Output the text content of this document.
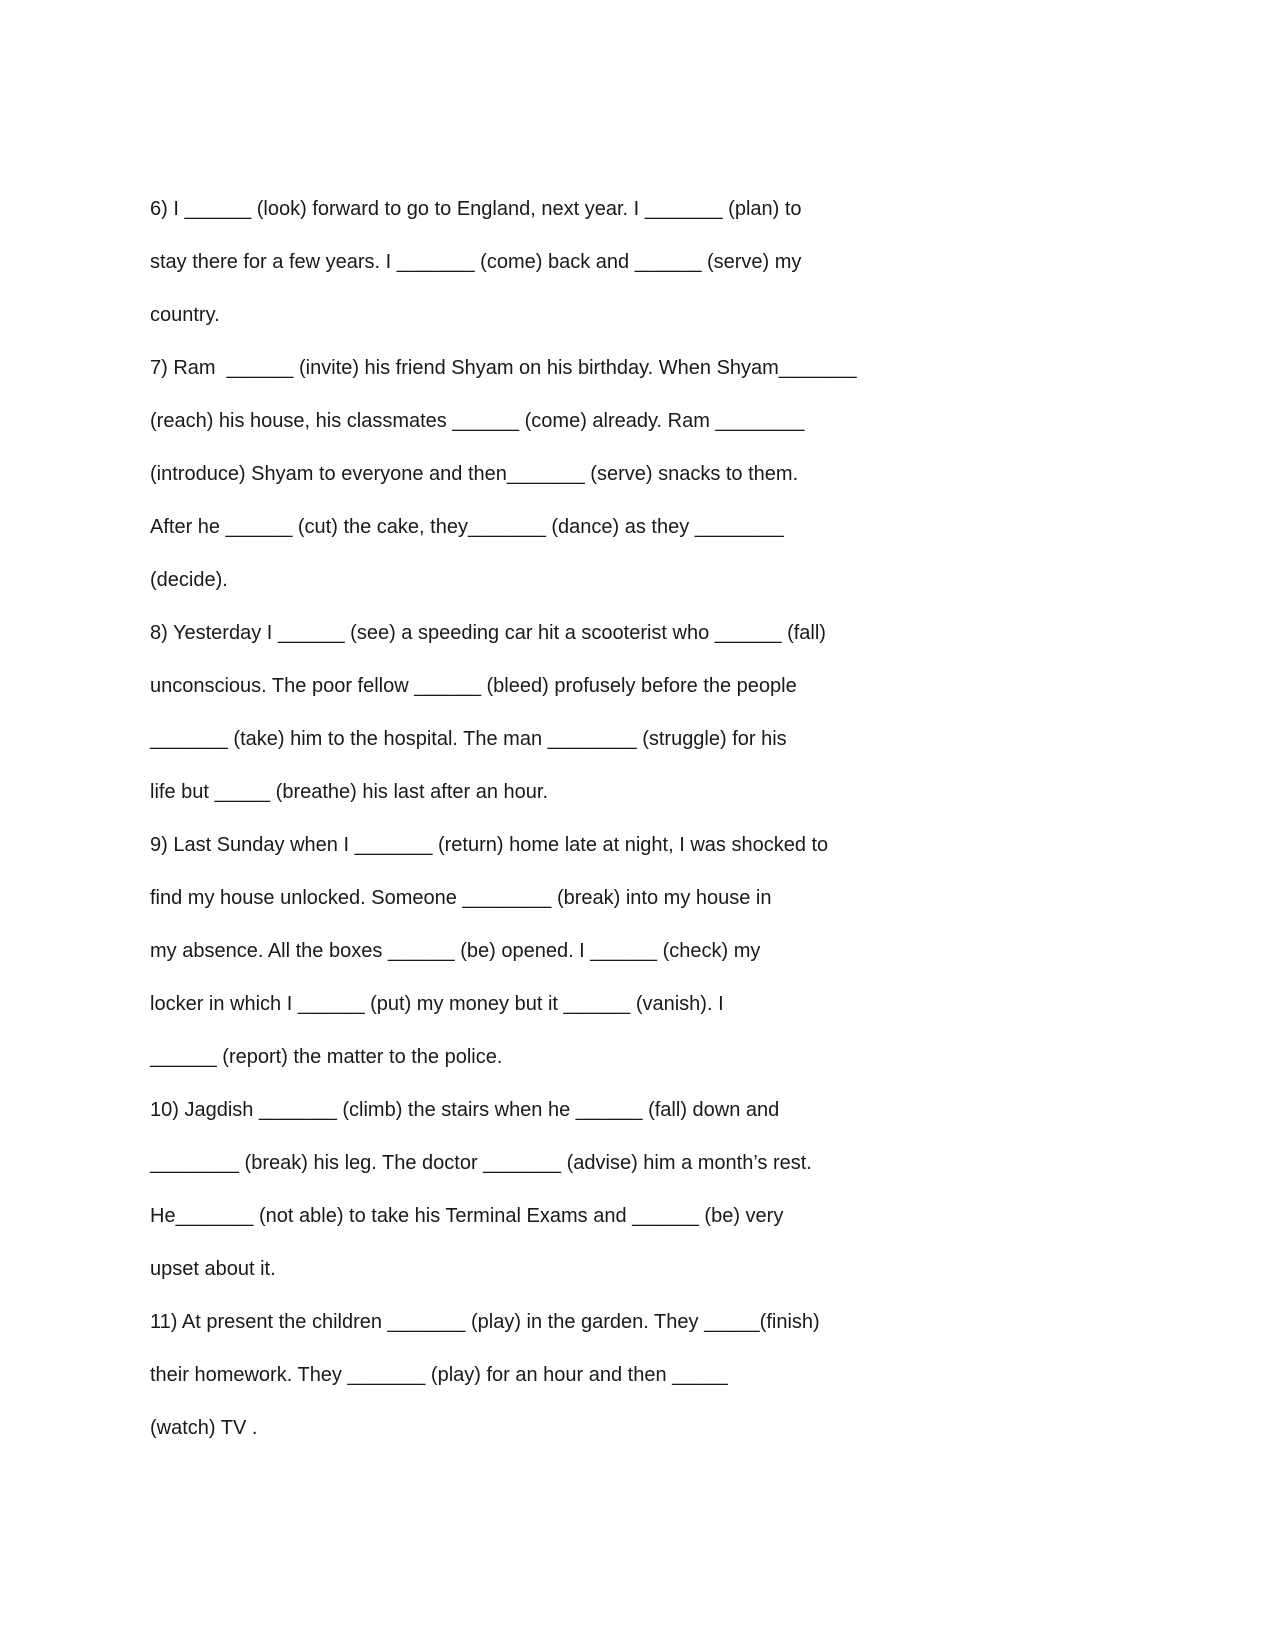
6) I ______ (look) forward to go to England, next year. I _______ (plan) to
stay there for a few years. I _______ (come) back and ______ (serve) my
country.
7) Ram  ______ (invite) his friend Shyam on his birthday. When Shyam_______
(reach) his house, his classmates ______ (come) already. Ram ________
(introduce) Shyam to everyone and then_______ (serve) snacks to them.
After he ______ (cut) the cake, they_______ (dance) as they ________
(decide).
8) Yesterday I ______ (see) a speeding car hit a scooterist who ______ (fall)
unconscious. The poor fellow ______ (bleed) profusely before the people
_______ (take) him to the hospital. The man ________ (struggle) for his
life but _____ (breathe) his last after an hour.
9) Last Sunday when I _______ (return) home late at night, I was shocked to
find my house unlocked. Someone ________ (break) into my house in
my absence. All the boxes ______ (be) opened. I ______ (check) my
locker in which I ______ (put) my money but it ______ (vanish). I
______ (report) the matter to the police.
10) Jagdish _______ (climb) the stairs when he ______ (fall) down and
________ (break) his leg. The doctor _______ (advise) him a month’s rest.
He_______ (not able) to take his Terminal Exams and ______ (be) very
upset about it.
11) At present the children _______ (play) in the garden. They _____(finish)
their homework. They _______ (play) for an hour and then _____
(watch) TV .
